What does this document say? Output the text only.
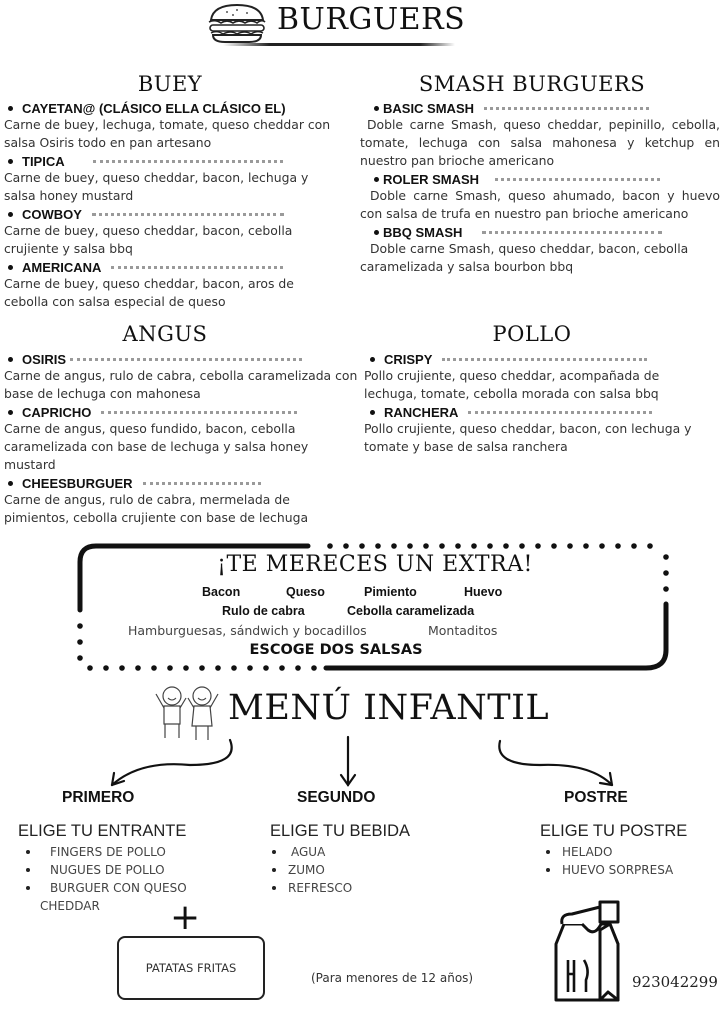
BURGUERS
BUEY
CAYETAN@ (CLÁSICO ELLA CLÁSICO EL)
Carne de buey, lechuga, tomate, queso cheddar con salsa Osiris todo en pan artesano
TIPICA
Carne de buey, queso cheddar, bacon, lechuga y salsa honey mustard
COWBOY
Carne de buey, queso cheddar, bacon, cebolla crujiente y salsa bbq
AMERICANA
Carne de buey, queso cheddar, bacon, aros de cebolla con salsa especial de queso
SMASH BURGUERS
BASIC SMASH
Doble carne Smash, queso cheddar, pepinillo, cebolla, tomate, lechuga con salsa mahonesa y ketchup en nuestro pan brioche americano
ROLER SMASH
Doble carne Smash, queso ahumado, bacon y huevo con salsa de trufa en nuestro pan brioche americano
BBQ SMASH
Doble carne Smash, queso cheddar, bacon, cebolla caramelizada y salsa bourbon bbq
ANGUS
OSIRIS
Carne de angus, rulo de cabra, cebolla caramelizada con base de lechuga con mahonesa
CAPRICHO
Carne de angus, queso fundido, bacon, cebolla caramelizada con base de lechuga y salsa honey mustard
CHEESBURGUER
Carne de angus, rulo de cabra, mermelada de pimientos, cebolla crujiente con base de lechuga
POLLO
CRISPY
Pollo crujiente, queso cheddar, acompañada de lechuga, tomate, cebolla morada con salsa bbq
RANCHERA
Pollo crujiente, queso cheddar, bacon, con lechuga y tomate y base de salsa ranchera
¡TE MERECES UN EXTRA!
Bacon	Queso	Pimiento	Huevo
Rulo de cabra	Cebolla caramelizada
Hamburguesas, sándwich y bocadillos	Montaditos
ESCOGE DOS SALSAS
MENÚ INFANTIL
PRIMERO
ELIGE TU ENTRANTE
FINGERS DE POLLO
NUGUES DE POLLO
BURGUER CON QUESO
CHEDDAR +
PATATAS FRITAS
SEGUNDO
ELIGE TU BEBIDA
AGUA
ZUMO
REFRESCO
POSTRE
ELIGE TU POSTRE
HELADO
HUEVO SORPRESA
(Para menores de 12 años)	923042299
